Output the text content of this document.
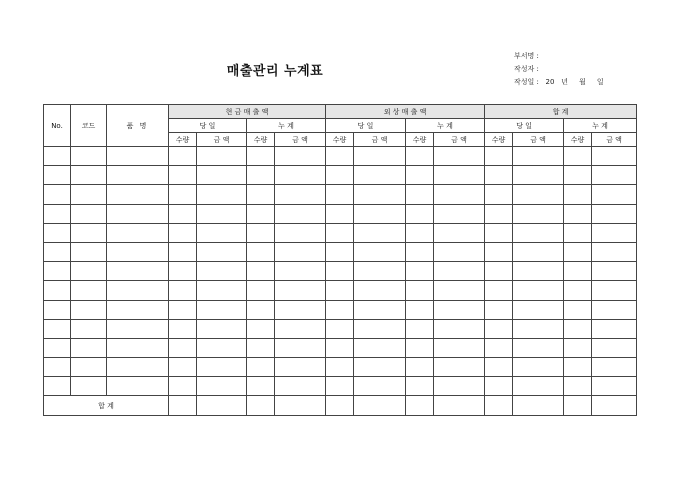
매출관리 누계표
부서명 :
작성자 :
작성일 :   20   년     월     일
No.	코드	품 명	현 금 매 출 액				외 상 매 출 액				합 계			
			당 일		누 계		당 일		누 계		당 일		누 계	
			수량	금 액	수량	금 액	수량	금 액	수량	금 액	수량	금 액	수량	금 액

합 계														
